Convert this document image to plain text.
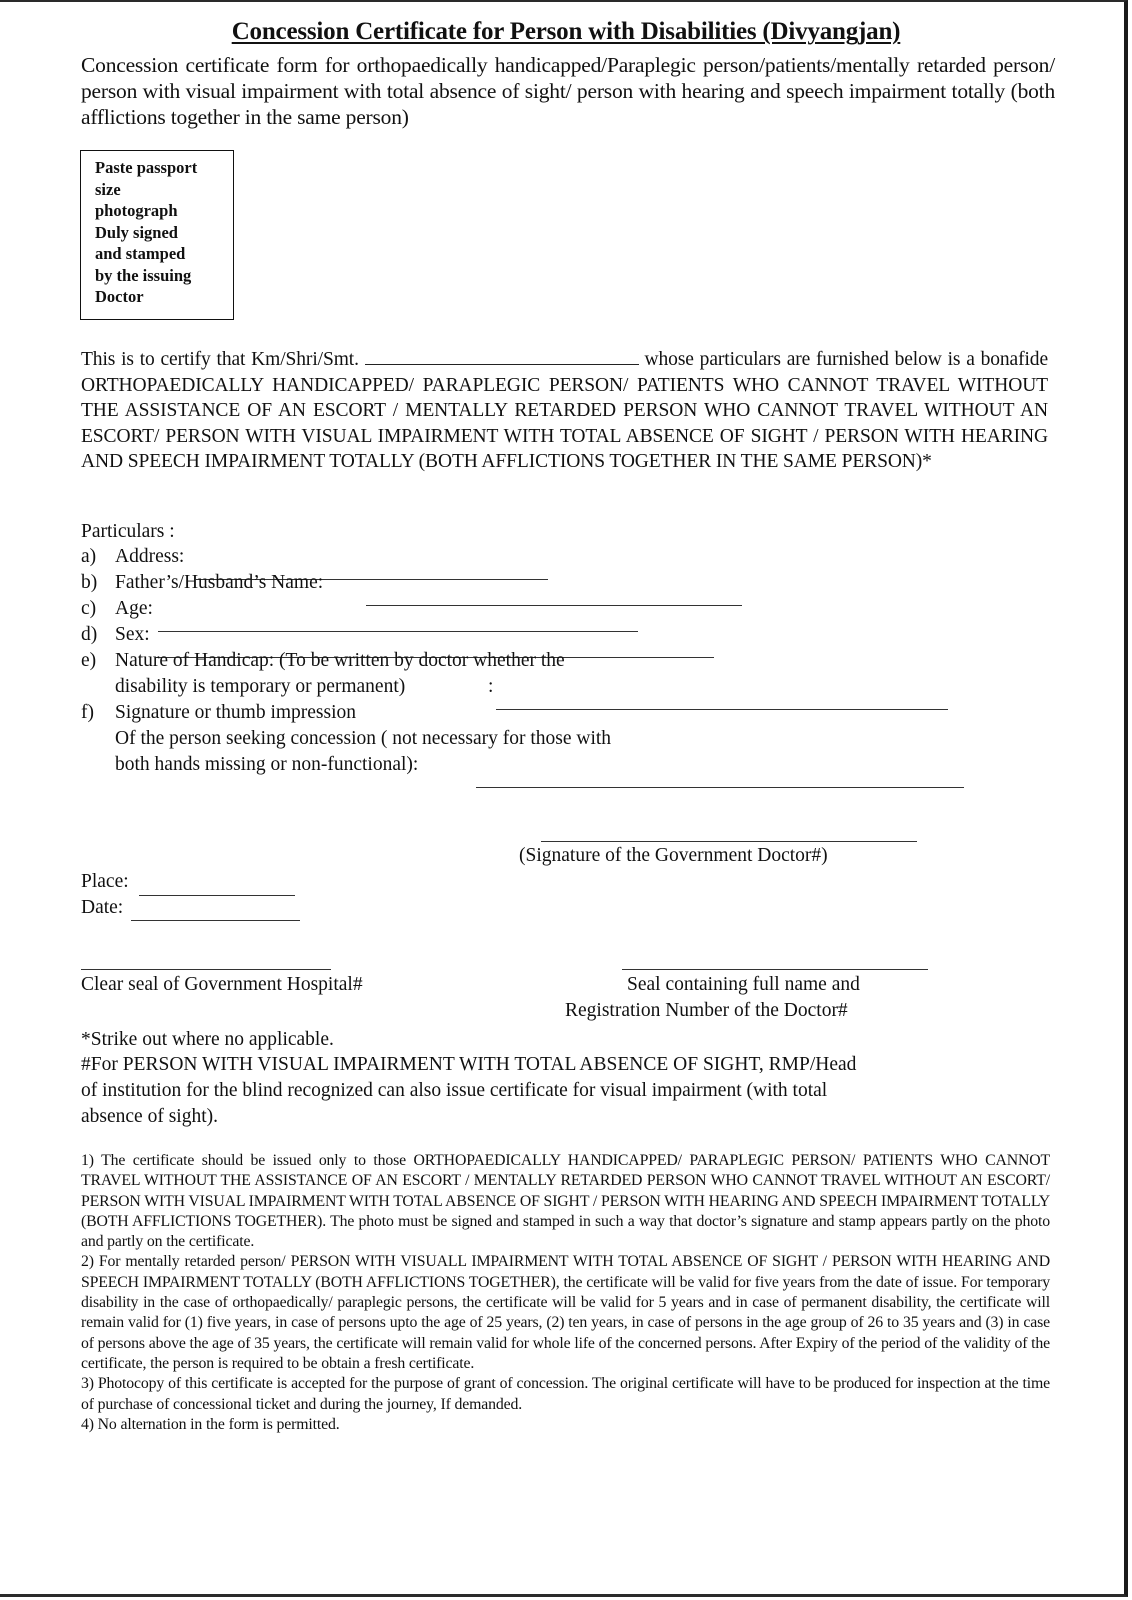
Concession Certificate for Person with Disabilities (Divyangjan)
Concession certificate form for orthopaedically handicapped/Paraplegic person/patients/mentally retarded person/ person with visual impairment with total absence of sight/ person with hearing and speech impairment totally (both afflictions together in the same person)
Paste passport
size
photograph
Duly signed
and stamped
by the issuing
Doctor
This is to certify that Km/Shri/Smt.	whose particulars are furnished below is a bonafide ORTHOPAEDICALLY HANDICAPPED/ PARAPLEGIC PERSON/ PATIENTS WHO CANNOT TRAVEL WITHOUT THE ASSISTANCE OF AN ESCORT / MENTALLY RETARDED PERSON WHO CANNOT TRAVEL WITHOUT AN ESCORT/ PERSON WITH VISUAL IMPAIRMENT WITH TOTAL ABSENCE OF SIGHT / PERSON WITH HEARING AND SPEECH IMPAIRMENT TOTALLY (BOTH AFFLICTIONS TOGETHER IN THE SAME PERSON)*
Particulars :
a) Address:
b) Father’s/Husband’s Name:
c) Age:
d) Sex:
e) Nature of Handicap: (To be written by doctor whether the
disability is temporary or permanent)	:
f) Signature or thumb impression
Of the person seeking concession ( not necessary for those with
both hands missing or non-functional):
(Signature of the Government Doctor#)
Place:
Date:
Clear seal of Government Hospital#	Seal containing full name and
Registration Number of the Doctor#
*Strike out where no applicable.
#For PERSON WITH VISUAL IMPAIRMENT WITH TOTAL ABSENCE OF SIGHT, RMP/Head
of institution for the blind recognized can also issue certificate for visual impairment (with total
absence of sight).

1) The certificate should be issued only to those ORTHOPAEDICALLY HANDICAPPED/ PARAPLEGIC PERSON/ PATIENTS WHO CANNOT TRAVEL WITHOUT THE ASSISTANCE OF AN ESCORT / MENTALLY RETARDED PERSON WHO CANNOT TRAVEL WITHOUT AN ESCORT/ PERSON WITH VISUAL IMPAIRMENT WITH TOTAL ABSENCE OF SIGHT / PERSON WITH HEARING AND SPEECH IMPAIRMENT TOTALLY (BOTH AFFLICTIONS TOGETHER). The photo must be signed and stamped in such a way that doctor’s signature and stamp appears partly on the photo and partly on the certificate.

2) For mentally retarded person/ PERSON WITH VISUALL IMPAIRMENT WITH TOTAL ABSENCE OF SIGHT / PERSON WITH HEARING AND SPEECH IMPAIRMENT TOTALLY (BOTH AFFLICTIONS TOGETHER), the certificate will be valid for five years from the date of issue. For temporary disability in the case of orthopaedically/ paraplegic persons, the certificate will be valid for 5 years and in case of permanent disability, the certificate will remain valid for (1) five years, in case of persons upto the age of 25 years, (2) ten years, in case of persons in the age group of 26 to 35 years and (3) in case of persons above the age of 35 years, the certificate will remain valid for whole life of the concerned persons. After Expiry of the period of the validity of the certificate, the person is required to be obtain a fresh certificate.

3) Photocopy of this certificate is accepted for the purpose of grant of concession. The original certificate will have to be produced for inspection at the time of purchase of concessional ticket and during the journey, If demanded.

4) No alternation in the form is permitted.
